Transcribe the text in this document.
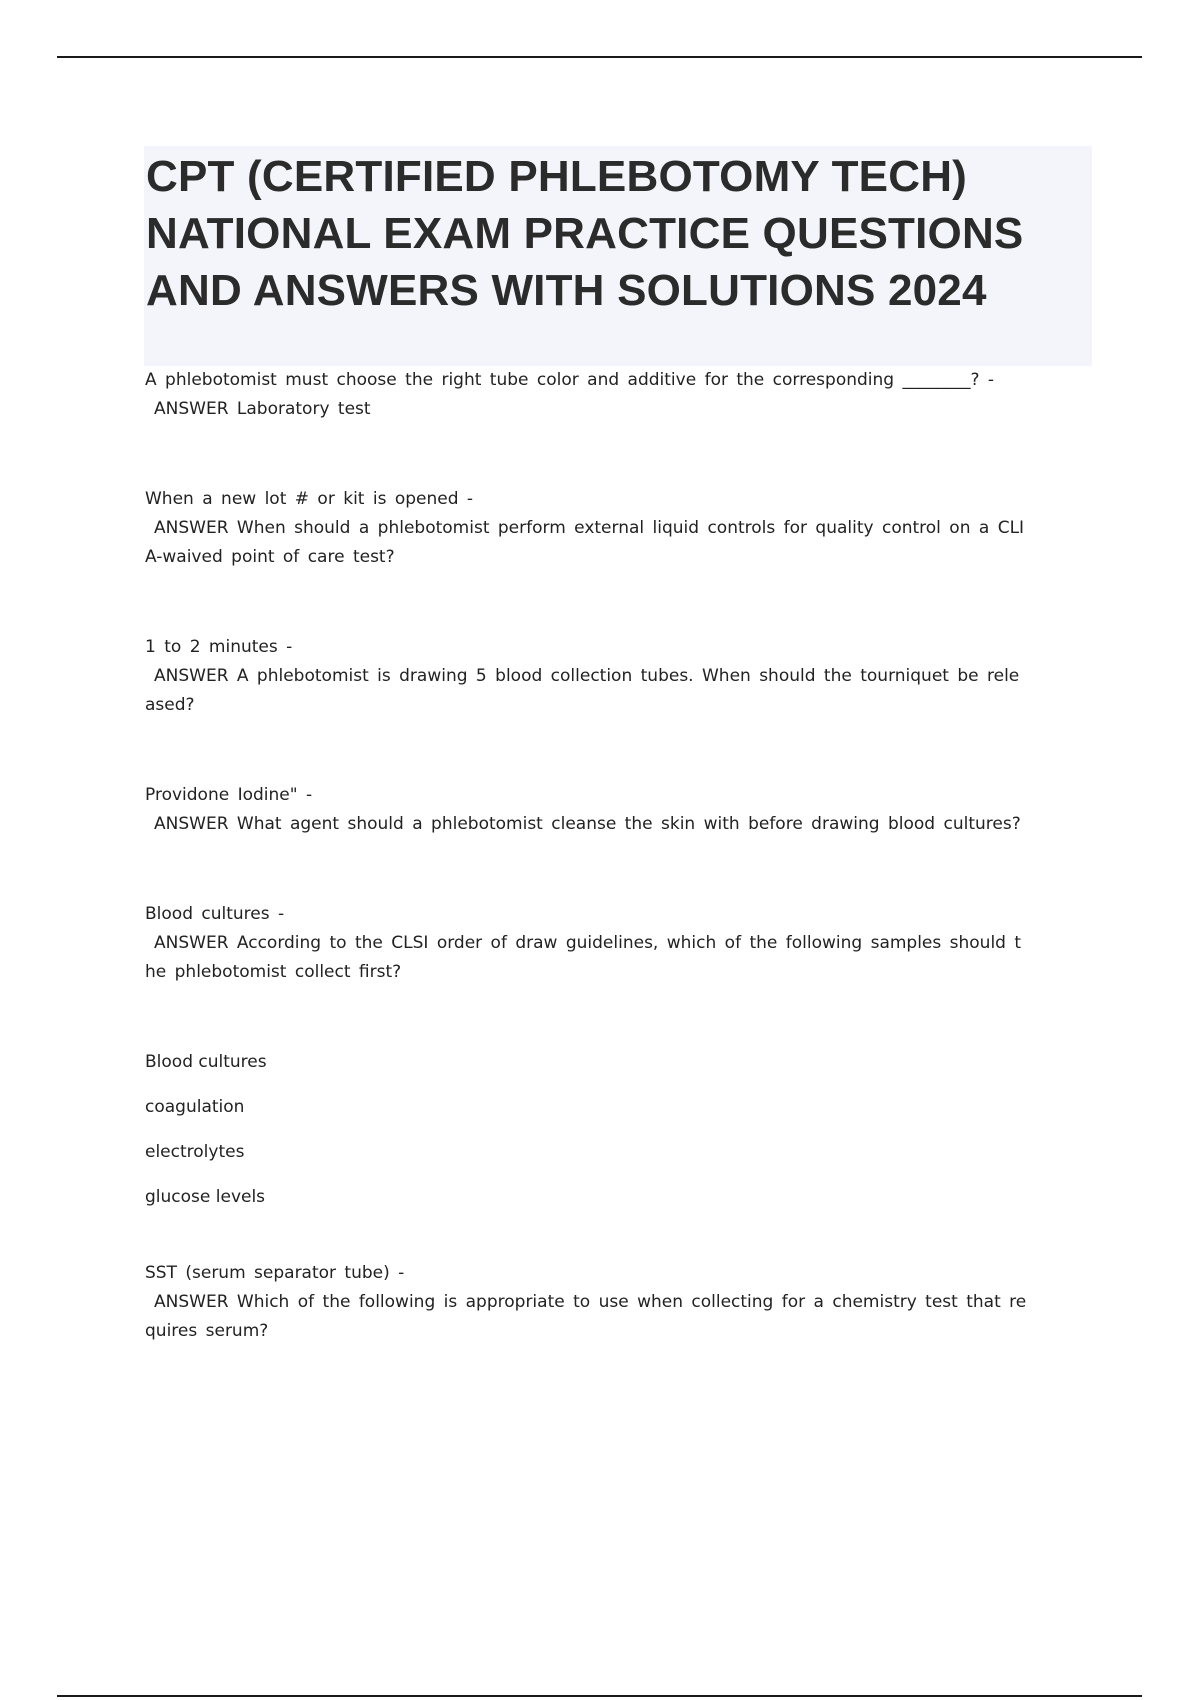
CPT (CERTIFIED PHLEBOTOMY TECH) NATIONAL EXAM PRACTICE QUESTIONS AND ANSWERS WITH SOLUTIONS 2024
A phlebotomist must choose the right tube color and additive for the corresponding ________? -
ANSWER Laboratory test
When a new lot # or kit is opened -
ANSWER When should a phlebotomist perform external liquid controls for quality control on a CLI
A-waived point of care test?
1 to 2 minutes -
ANSWER A phlebotomist is drawing 5 blood collection tubes. When should the tourniquet be rele
ased?
Providone Iodine" -
ANSWER What agent should a phlebotomist cleanse the skin with before drawing blood cultures?
Blood cultures -
ANSWER According to the CLSI order of draw guidelines, which of the following samples should t
he phlebotomist collect first?
Blood cultures
coagulation
electrolytes
glucose levels
SST (serum separator tube) -
ANSWER Which of the following is appropriate to use when collecting for a chemistry test that re
quires serum?
